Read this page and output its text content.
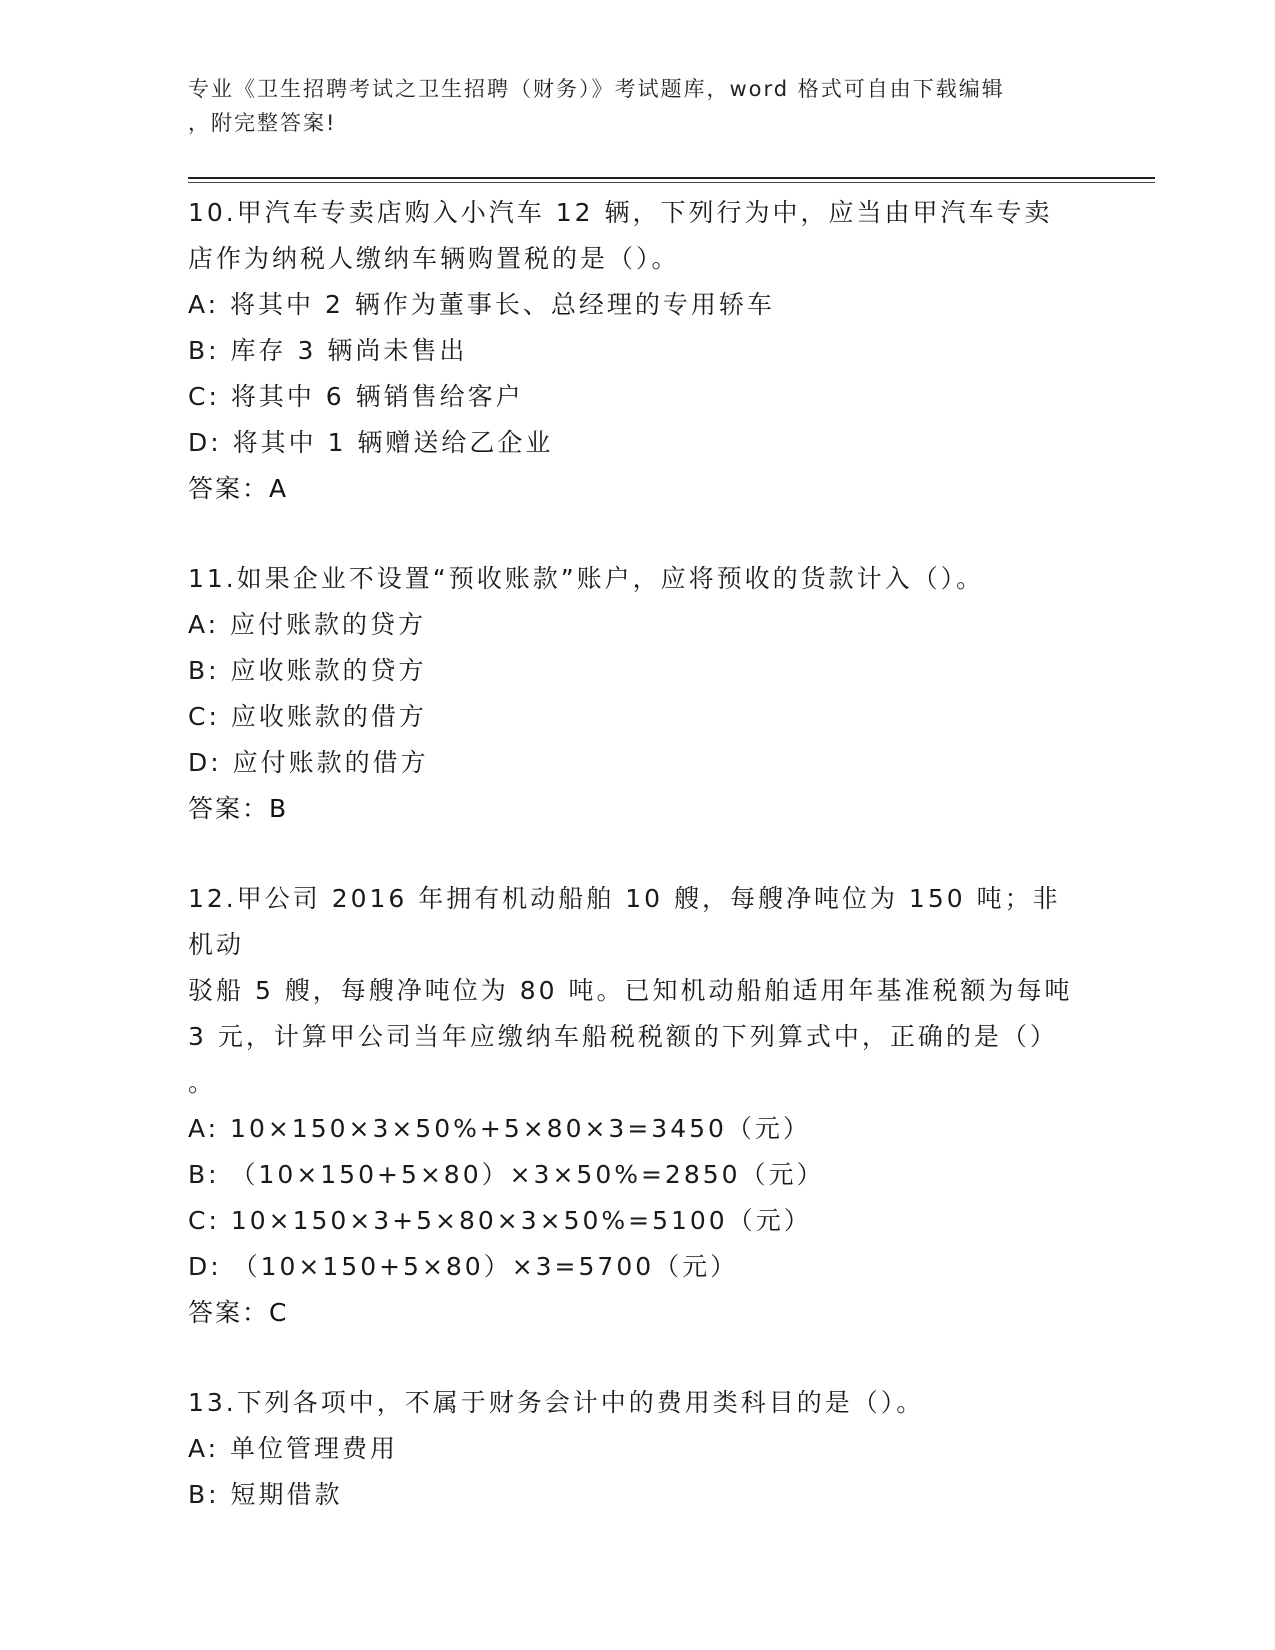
专业《卫生招聘考试之卫生招聘（财务）》考试题库，word 格式可自由下载编辑
，附完整答案!
10.甲汽车专卖店购入小汽车 12 辆，下列行为中，应当由甲汽车专卖
店作为纳税人缴纳车辆购置税的是（）。
A: 将其中 2 辆作为董事长、总经理的专用轿车
B: 库存 3 辆尚未售出
C: 将其中 6 辆销售给客户
D: 将其中 1 辆赠送给乙企业
答案：A
11.如果企业不设置“预收账款”账户，应将预收的货款计入（）。
A: 应付账款的贷方
B: 应收账款的贷方
C: 应收账款的借方
D: 应付账款的借方
答案：B
12.甲公司 2016 年拥有机动船舶 10 艘，每艘净吨位为 150 吨；非机动
驳船 5 艘，每艘净吨位为 80 吨。已知机动船舶适用年基准税额为每吨
3 元，计算甲公司当年应缴纳车船税税额的下列算式中，正确的是（）
。
A: 10×150×3×50%+5×80×3=3450（元）
B: （10×150+5×80）×3×50%=2850（元）
C: 10×150×3+5×80×3×50%=5100（元）
D: （10×150+5×80）×3=5700（元）
答案：C
13.下列各项中，不属于财务会计中的费用类科目的是（）。
A: 单位管理费用
B: 短期借款
